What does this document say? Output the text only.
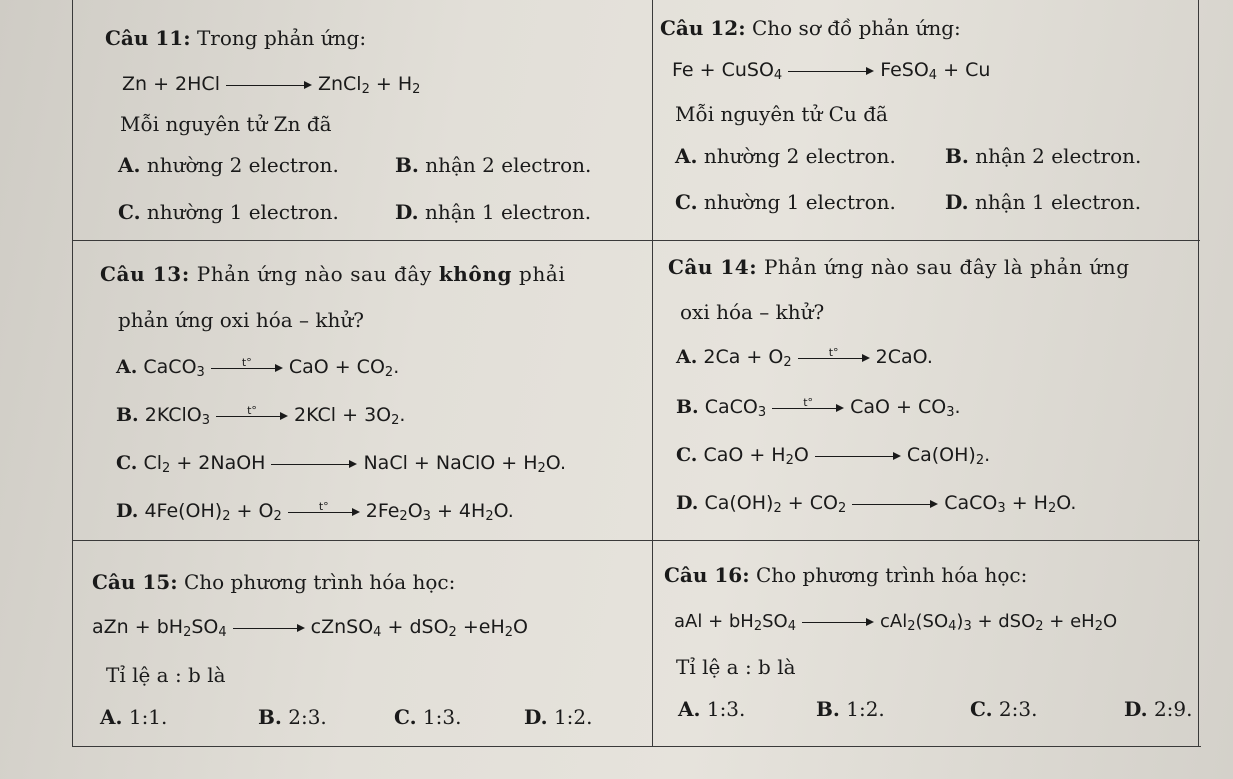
Câu 11: Trong phản ứng:
Zn + 2HCl	ZnCl$_2$ + $H_2$
Mỗi nguyên tử Zn đã
A. nhường 2 electron.	B. nhận 2 electron.
C. nhường 1 electron.	D. nhận 1 electron.
Câu 12: Cho sơ đồ phản ứng:
Fe + CuSO$_4$	FeSO$_4$ + Cu
Mỗi nguyên tử Cu đã
A. nhường 2 electron. B. nhận 2 electron.
C. nhường 1 electron. D. nhận 1 electron.
Câu 13: Phản ứng nào sau đây không phải
phản ứng oxi hóa – khử?
A. CaCO$_3$
t°	CaO + $CO_2$.
B. 2KClO$_3$
t°	$2KCl + 3O_2$.
C. $Cl_2$ + 2NaOH	NaCl + NaClO + $H_2O$.
D. $4Fe(OH)_2 + O_2$
t°	$2Fe_2O_3 + 4H_2O$.
Câu 14: Phản ứng nào sau đây là phản ứng
oxi hóa – khử?
A. $2Ca + O_2$
t°	2CaO.
B. CaCO$_3$
t°	CaO + $CO_3$.
C. CaO + $H_2O$	$Ca(OH)_2$.
D. $Ca(OH)_2 + CO_2$	CaCO$_3$ + $H_2O$.
Câu 15: Cho phương trình hóa học:
aZn + $bH_2SO_4$	cZnSO$_4$ + $dSO_2 +eH_2O$
Tỉ lệ a : b là
A. 1:1.	B. 2:3.	C. 1:3.	D. 1:2.
Câu 16: Cho phương trình hóa học:
aAl + $bH_2SO_4$	$cAl_2(SO_4)_3 + dSO_2 + eH_2O$
Tỉ lệ a : b là
A. 1:3.	B. 1:2.	C. 2:3.	D. 2:9.
